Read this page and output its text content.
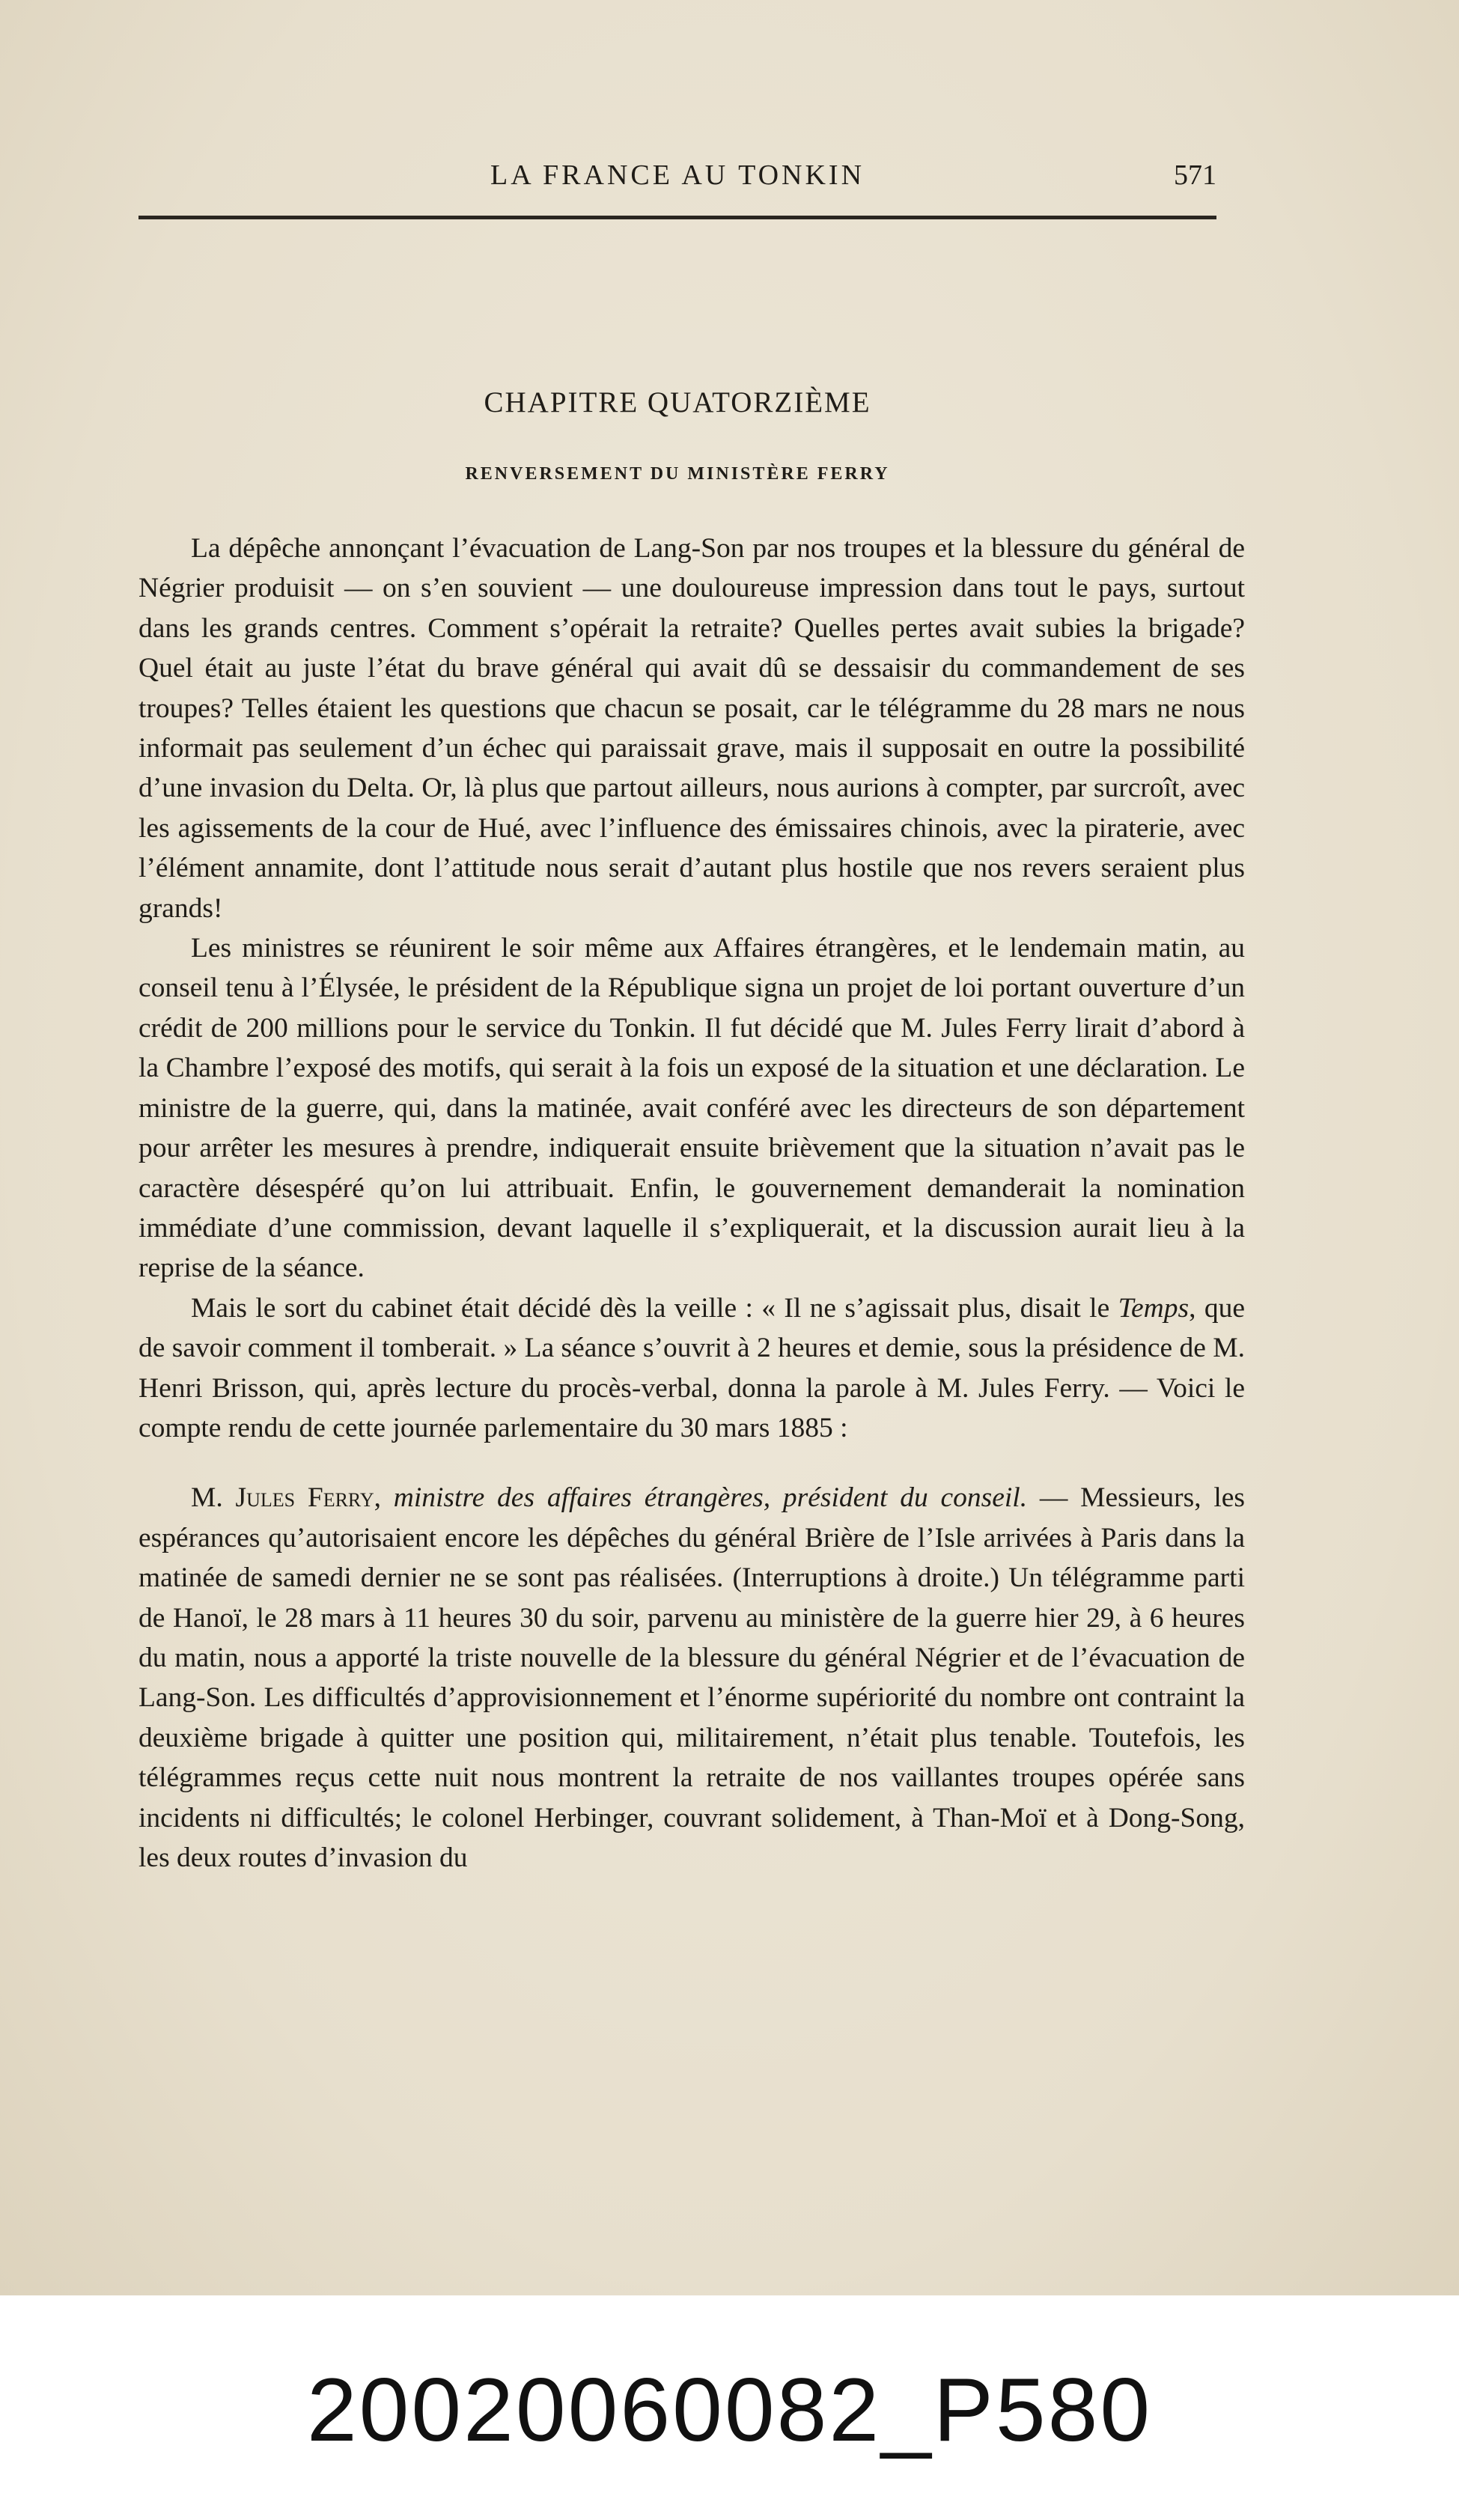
LA FRANCE AU TONKIN	571
CHAPITRE QUATORZIÈME
RENVERSEMENT DU MINISTÈRE FERRY

La dépêche annonçant l’évacuation de Lang-Son par nos troupes et la blessure du général de Négrier produisit — on s’en souvient — une douloureuse impression dans tout le pays, surtout dans les grands centres. Comment s’opérait la retraite? Quelles pertes avait subies la brigade? Quel était au juste l’état du brave général qui avait dû se dessaisir du commandement de ses troupes? Telles étaient les questions que chacun se posait, car le télégramme du 28 mars ne nous informait pas seulement d’un échec qui paraissait grave, mais il supposait en outre la possibilité d’une invasion du Delta. Or, là plus que partout ailleurs, nous aurions à compter, par surcroît, avec les agissements de la cour de Hué, avec l’influence des émissaires chinois, avec la piraterie, avec l’élément annamite, dont l’attitude nous serait d’autant plus hostile que nos revers seraient plus grands!

Les ministres se réunirent le soir même aux Affaires étrangères, et le lendemain matin, au conseil tenu à l’Élysée, le président de la République signa un projet de loi portant ouverture d’un crédit de 200 millions pour le service du Tonkin. Il fut décidé que M. Jules Ferry lirait d’abord à la Chambre l’exposé des motifs, qui serait à la fois un exposé de la situation et une déclaration. Le ministre de la guerre, qui, dans la matinée, avait conféré avec les directeurs de son département pour arrêter les mesures à prendre, indiquerait ensuite brièvement que la situation n’avait pas le caractère désespéré qu’on lui attribuait. Enfin, le gouvernement demanderait la nomination immédiate d’une commission, devant laquelle il s’expliquerait, et la discussion aurait lieu à la reprise de la séance.

Mais le sort du cabinet était décidé dès la veille : « Il ne s’agissait plus, disait le Temps, que de savoir comment il tomberait. » La séance s’ouvrit à 2 heures et demie, sous la présidence de M. Henri Brisson, qui, après lecture du procès-verbal, donna la parole à M. Jules Ferry. — Voici le compte rendu de cette journée parlementaire du 30 mars 1885 :

M. Jules Ferry, ministre des affaires étrangères, président du conseil. — Messieurs, les espérances qu’autorisaient encore les dépêches du général Brière de l’Isle arrivées à Paris dans la matinée de samedi dernier ne se sont pas réalisées. (Interruptions à droite.) Un télégramme parti de Hanoï, le 28 mars à 11 heures 30 du soir, parvenu au ministère de la guerre hier 29, à 6 heures du matin, nous a apporté la triste nouvelle de la blessure du général Négrier et de l’évacuation de Lang-Son. Les difficultés d’approvisionnement et l’énorme supériorité du nombre ont contraint la deuxième brigade à quitter une position qui, militairement, n’était plus tenable. Toutefois, les télégrammes reçus cette nuit nous montrent la retraite de nos vaillantes troupes opérée sans incidents ni difficultés; le colonel Herbinger, couvrant solidement, à Than-Moï et à Dong-Song, les deux routes d’invasion du

20020060082_P580
